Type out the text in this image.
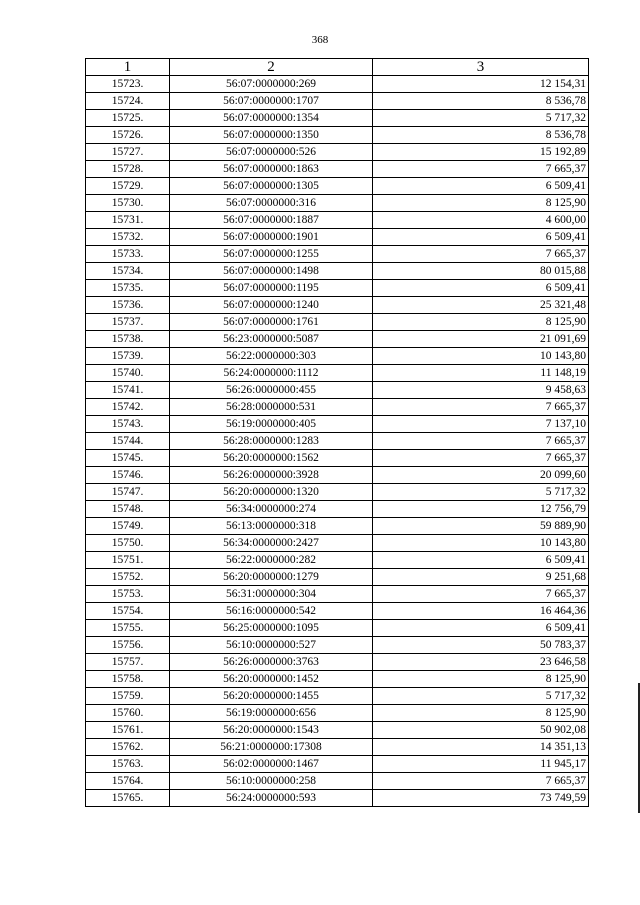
368
1	2	3
15723.	56:07:0000000:269	12 154,31
15724.	56:07:0000000:1707	8 536,78
15725.	56:07:0000000:1354	5 717,32
15726.	56:07:0000000:1350	8 536,78
15727.	56:07:0000000:526	15 192,89
15728.	56:07:0000000:1863	7 665,37
15729.	56:07:0000000:1305	6 509,41
15730.	56:07:0000000:316	8 125,90
15731.	56:07:0000000:1887	4 600,00
15732.	56:07:0000000:1901	6 509,41
15733.	56:07:0000000:1255	7 665,37
15734.	56:07:0000000:1498	80 015,88
15735.	56:07:0000000:1195	6 509,41
15736.	56:07:0000000:1240	25 321,48
15737.	56:07:0000000:1761	8 125,90
15738.	56:23:0000000:5087	21 091,69
15739.	56:22:0000000:303	10 143,80
15740.	56:24:0000000:1112	11 148,19
15741.	56:26:0000000:455	9 458,63
15742.	56:28:0000000:531	7 665,37
15743.	56:19:0000000:405	7 137,10
15744.	56:28:0000000:1283	7 665,37
15745.	56:20:0000000:1562	7 665,37
15746.	56:26:0000000:3928	20 099,60
15747.	56:20:0000000:1320	5 717,32
15748.	56:34:0000000:274	12 756,79
15749.	56:13:0000000:318	59 889,90
15750.	56:34:0000000:2427	10 143,80
15751.	56:22:0000000:282	6 509,41
15752.	56:20:0000000:1279	9 251,68
15753.	56:31:0000000:304	7 665,37
15754.	56:16:0000000:542	16 464,36
15755.	56:25:0000000:1095	6 509,41
15756.	56:10:0000000:527	50 783,37
15757.	56:26:0000000:3763	23 646,58
15758.	56:20:0000000:1452	8 125,90
15759.	56:20:0000000:1455	5 717,32
15760.	56:19:0000000:656	8 125,90
15761.	56:20:0000000:1543	50 902,08
15762.	56:21:0000000:17308	14 351,13
15763.	56:02:0000000:1467	11 945,17
15764.	56:10:0000000:258	7 665,37
15765.	56:24:0000000:593	73 749,59
